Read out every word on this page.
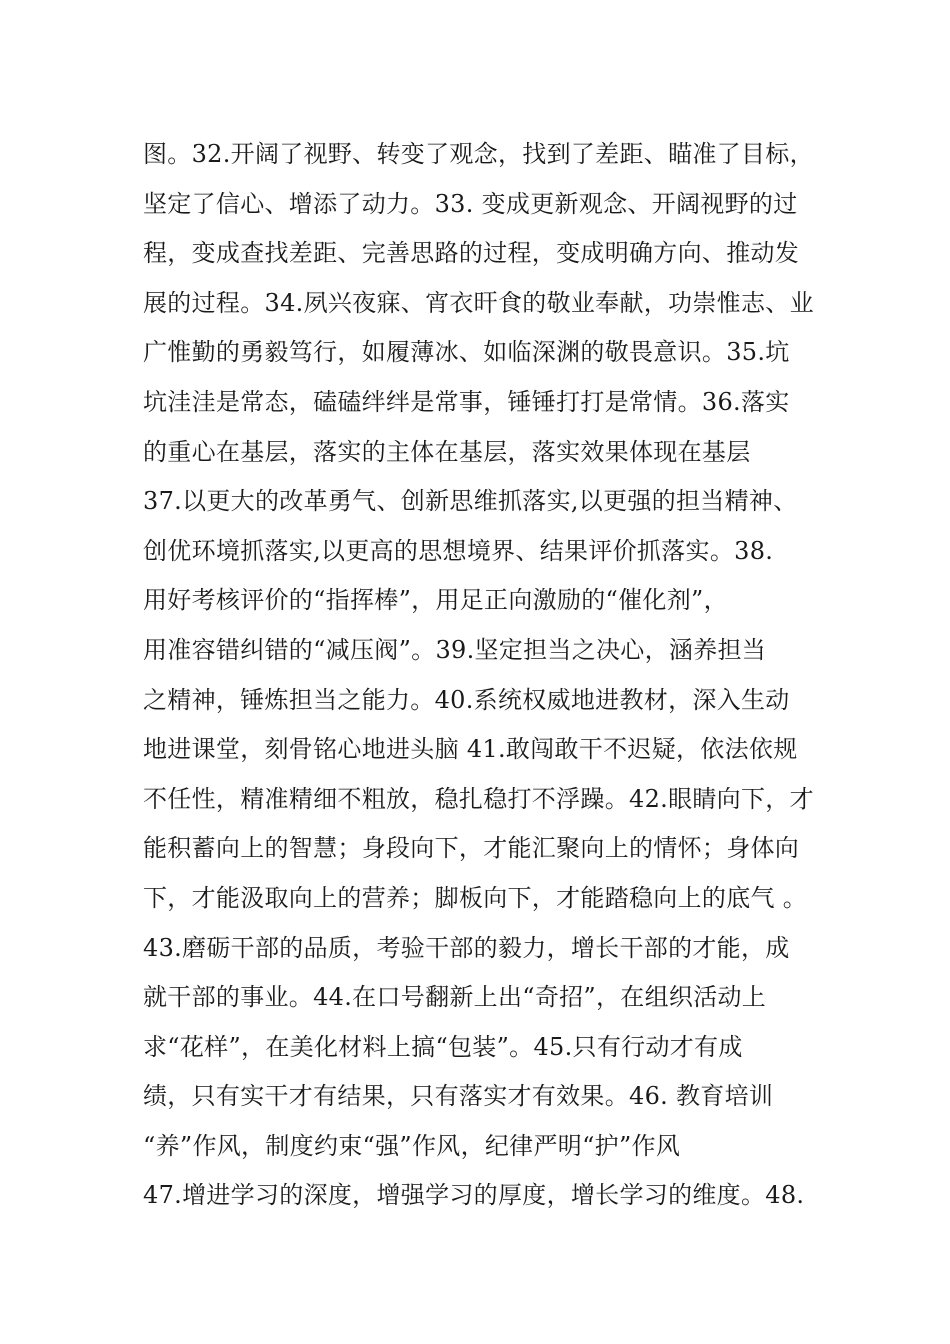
图。32.开阔了视野、转变了观念，找到了差距、瞄准了目标，
坚定了信心、增添了动力。33. 变成更新观念、开阔视野的过
程，变成查找差距、完善思路的过程，变成明确方向、推动发
展的过程。34.夙兴夜寐、宵衣旰食的敬业奉献，功崇惟志、业
广惟勤的勇毅笃行，如履薄冰、如临深渊的敬畏意识。35.坑
坑洼洼是常态，磕磕绊绊是常事，锤锤打打是常情。36.落实
的重心在基层，落实的主体在基层，落实效果体现在基层
37.以更大的改革勇气、创新思维抓落实,以更强的担当精神、
创优环境抓落实,以更高的思想境界、结果评价抓落实。38.
用好考核评价的“指挥棒”，用足正向激励的“催化剂”，
用准容错纠错的“减压阀”。39.坚定担当之决心，涵养担当
之精神，锤炼担当之能力。40.系统权威地进教材，深入生动
地进课堂，刻骨铭心地进头脑 41.敢闯敢干不迟疑，依法依规
不任性，精准精细不粗放，稳扎稳打不浮躁。42.眼睛向下，才
能积蓄向上的智慧；身段向下，才能汇聚向上的情怀；身体向
下，才能汲取向上的营养；脚板向下，才能踏稳向上的底气 。
43.磨砺干部的品质，考验干部的毅力，增长干部的才能，成
就干部的事业。44.在口号翻新上出“奇招”，在组织活动上
求“花样”，在美化材料上搞“包装”。45.只有行动才有成
绩，只有实干才有结果，只有落实才有效果。46. 教育培训
“养”作风，制度约束“强”作风，纪律严明“护”作风
47.增进学习的深度，增强学习的厚度，增长学习的维度。48.
